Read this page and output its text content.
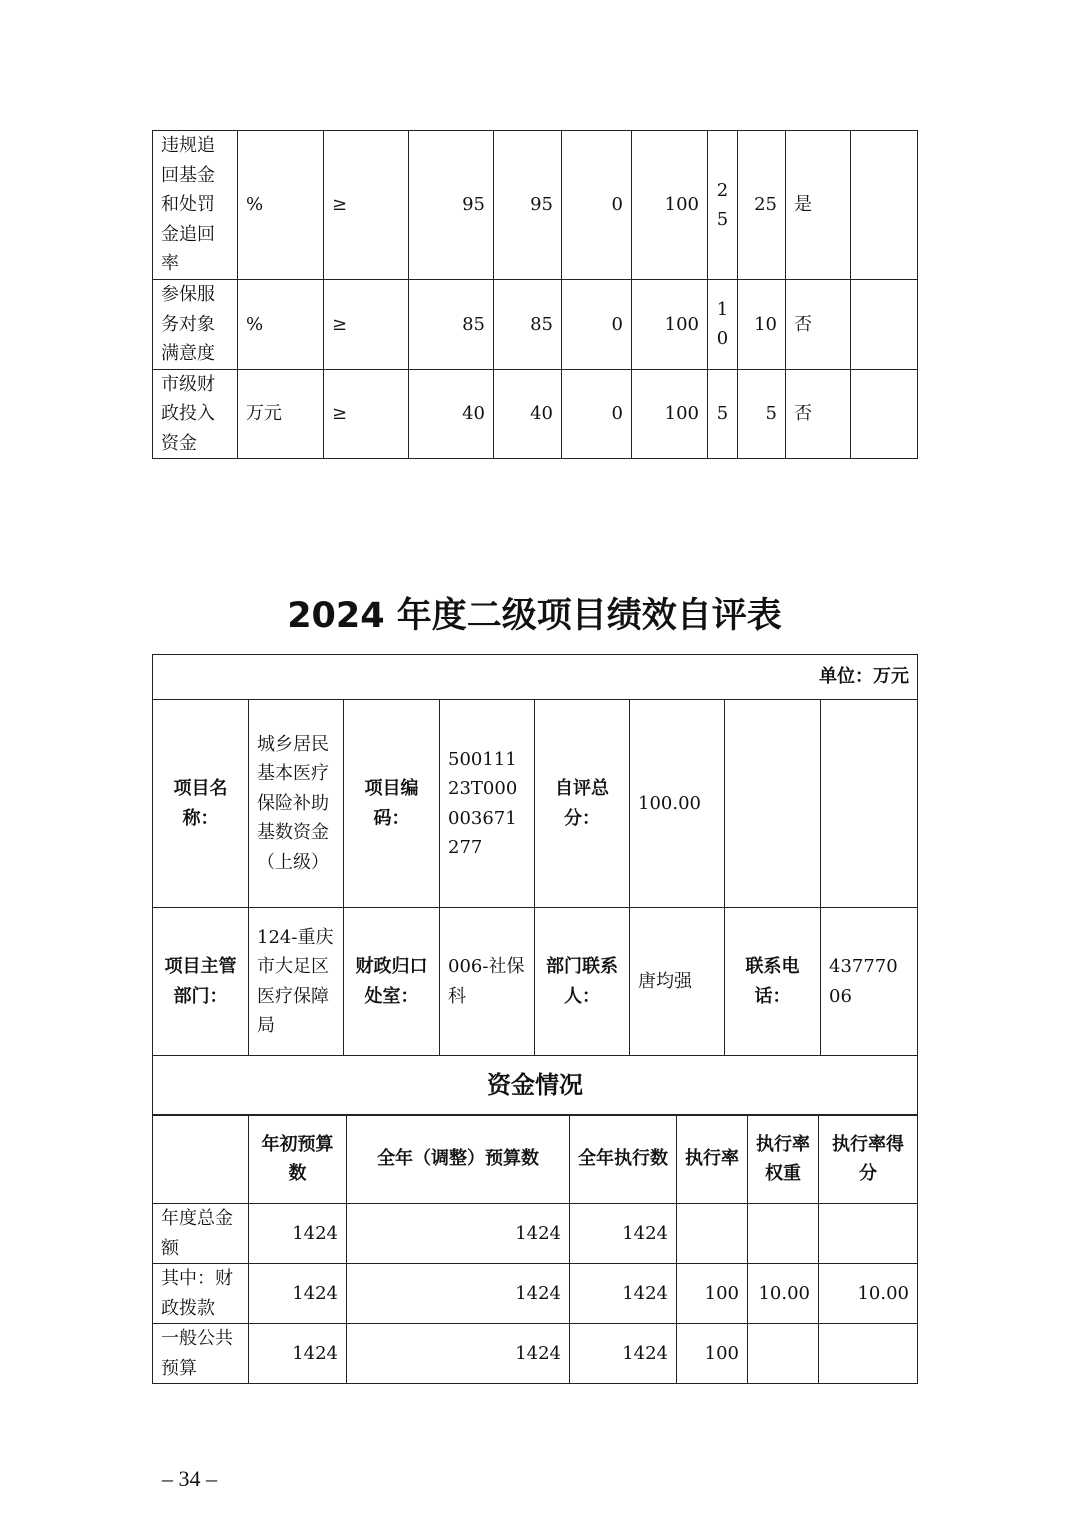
违规追回基金和处罚金追回率	%	≥	95	95	0	100	25	25	是	
参保服务对象满意度	%	≥	85	85	0	100	10	10	否	
市级财政投入资金	万元	≥	40	40	0	100	5	5	否	
2024 年度二级项目绩效自评表
单位：万元							
项目名称：	城乡居民基本医疗保险补助基数资金（上级）	项目编码：	50011123T000003671277	自评总分：	100.00		
项目主管部门：	124-重庆市大足区医疗保障局	财政归口处室：	006-社保科	部门联系人：	唐均强	联系电话：	43777006
资金情况							
	年初预算数	全年（调整）预算数	全年执行数	执行率	执行率权重	执行率得分
年度总金额	1424	1424	1424			
其中：财政拨款	1424	1424	1424	100	10.00	10.00
一般公共预算	1424	1424	1424	100		
– 34 –
